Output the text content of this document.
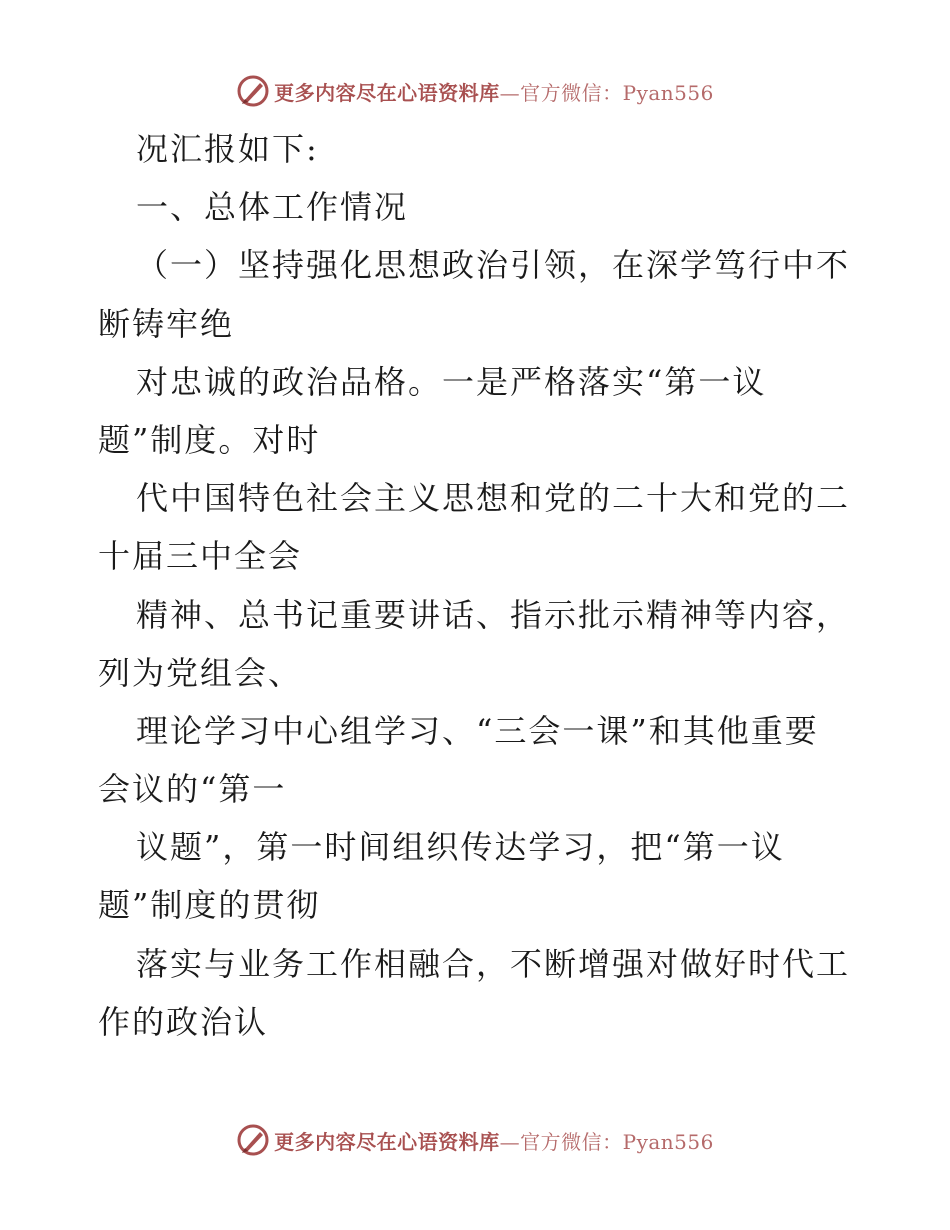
更多内容尽在心语资料库—官方微信：Pyan556
况汇报如下:
一、总体工作情况
（一）坚持强化思想政治引领，在深学笃行中不
断铸牢绝
对忠诚的政治品格。一是严格落实“第一议
题”制度。对时
代中国特色社会主义思想和党的二十大和党的二
十届三中全会
精神、总书记重要讲话、指示批示精神等内容，
列为党组会、
理论学习中心组学习、“三会一课”和其他重要
会议的“第一
议题”，第一时间组织传达学习，把“第一议
题”制度的贯彻
落实与业务工作相融合，不断增强对做好时代工
作的政治认
更多内容尽在心语资料库—官方微信：Pyan556
